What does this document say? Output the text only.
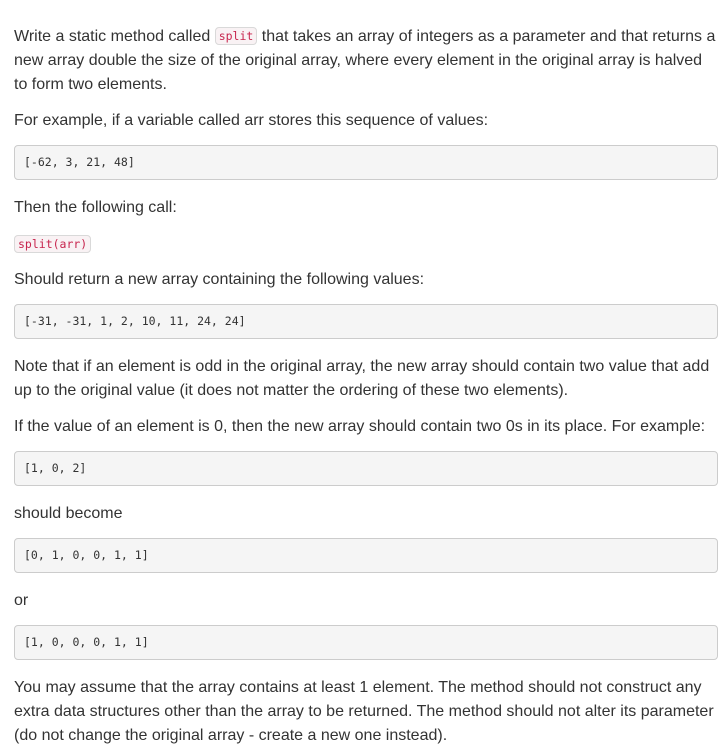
Write a static method called split that takes an array of integers as a parameter and that returns a new array double the size of the original array, where every element in the original array is halved to form two elements.

For example, if a variable called arr stores this sequence of values:

[-62, 3, 21, 48]

Then the following call:

split(arr)

Should return a new array containing the following values:

[-31, -31, 1, 2, 10, 11, 24, 24]

Note that if an element is odd in the original array, the new array should contain two value that add up to the original value (it does not matter the ordering of these two elements).

If the value of an element is 0, then the new array should contain two 0s in its place. For example:

[1, 0, 2]

should become

[0, 1, 0, 0, 1, 1]

or

[1, 0, 0, 0, 1, 1]

You may assume that the array contains at least 1 element. The method should not construct any extra data structures other than the array to be returned. The method should not alter its parameter (do not change the original array - create a new one instead).
